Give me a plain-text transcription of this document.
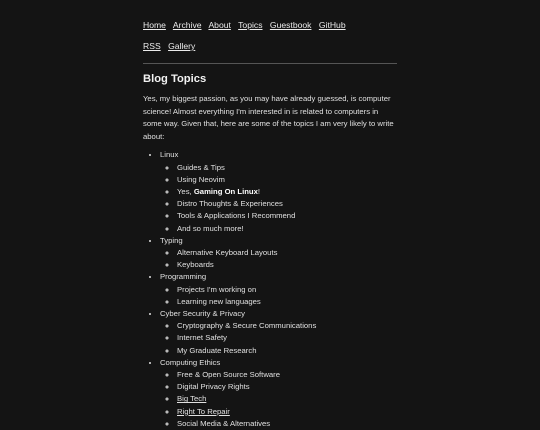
Home Archive About Topics Guestbook GitHub
RSS Gallery
Blog Topics

Yes, my biggest passion, as you may have already guessed, is computer science! Almost everything I'm interested in is related to computers in some way. Given that, here are some of the topics I am very likely to write about:

• Linux
◦ Guides & Tips
◦ Using Neovim
◦ Yes, Gaming On Linux!
◦ Distro Thoughts & Experiences
◦ Tools & Applications I Recommend
◦ And so much more!
• Typing
◦ Alternative Keyboard Layouts
◦ Keyboards
• Programming
◦ Projects I'm working on
◦ Learning new languages
• Cyber Security & Privacy
◦ Cryptography & Secure Communications
◦ Internet Safety
◦ My Graduate Research
• Computing Ethics
◦ Free & Open Source Software
◦ Digital Privacy Rights
◦ Big Tech
◦ Right To Repair
◦ Social Media & Alternatives
